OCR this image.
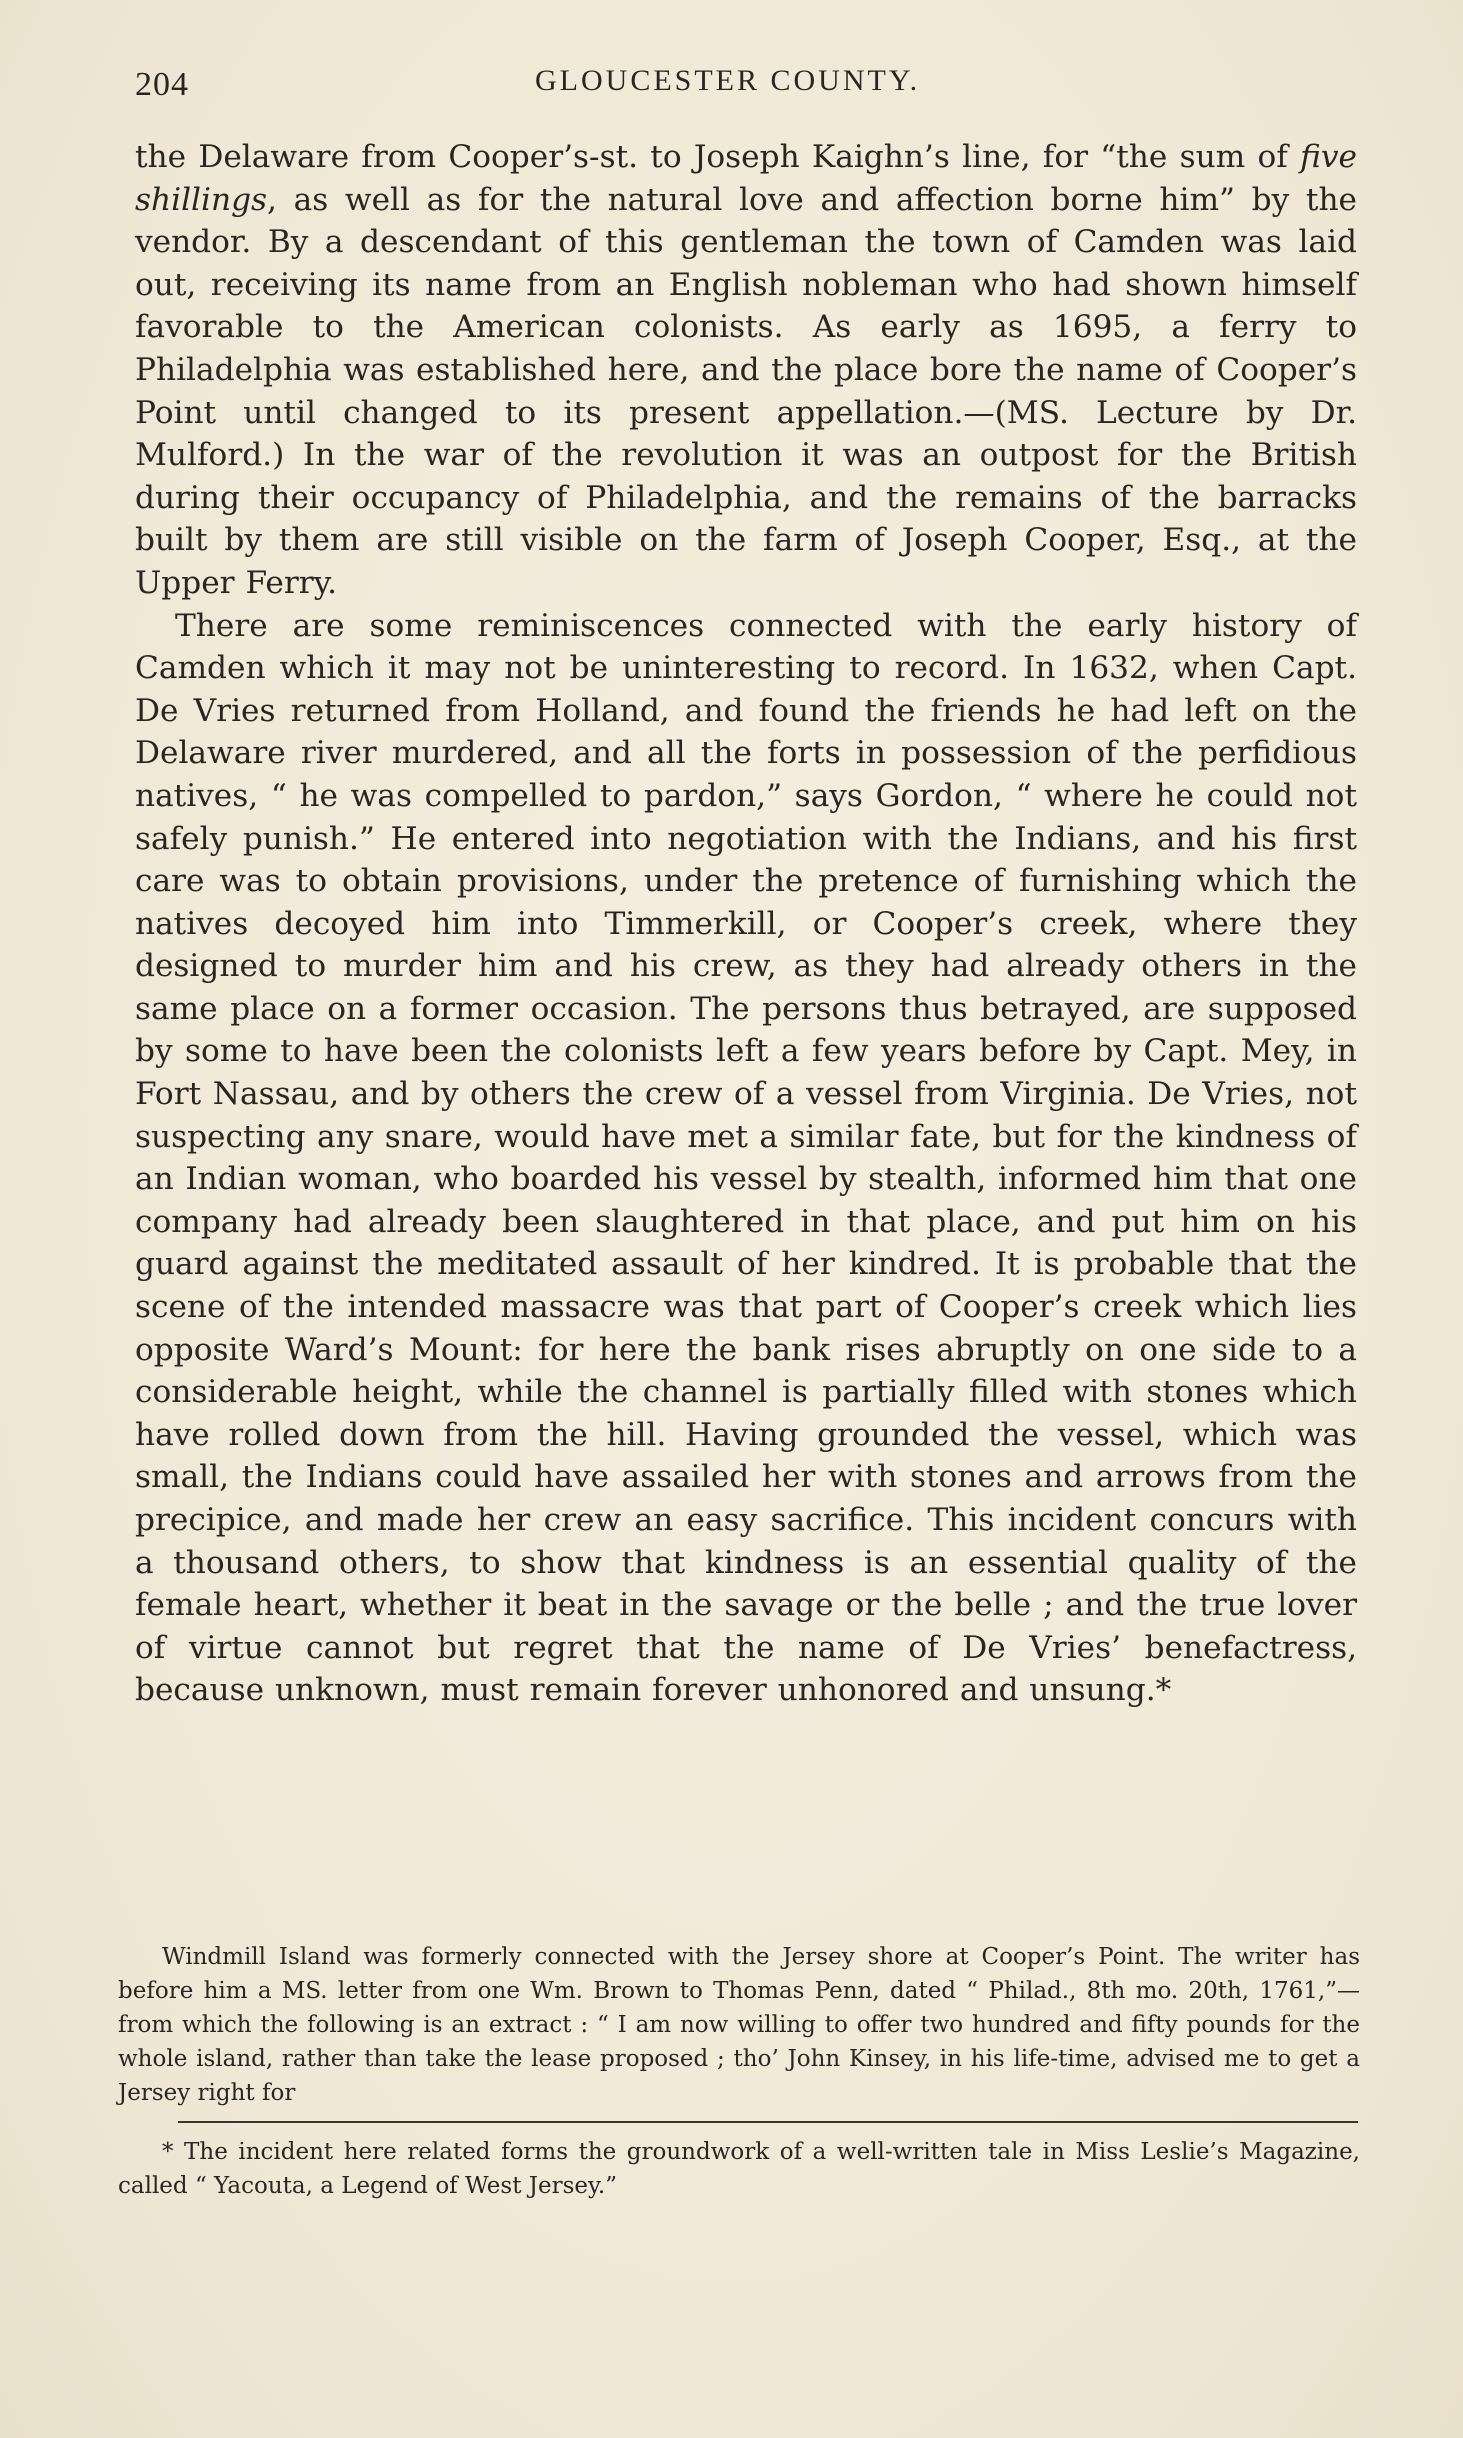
204	GLOUCESTER COUNTY.

the Delaware from Cooper’s-st. to Joseph Kaighn’s line, for “the sum of five shillings, as well as for the natural love and affection borne him” by the vendor. By a descendant of this gentleman the town of Camden was laid out, receiving its name from an English nobleman who had shown himself favorable to the American colonists. As early as 1695, a ferry to Philadelphia was established here, and the place bore the name of Cooper’s Point until changed to its present appellation.—(MS. Lecture by Dr. Mulford.) In the war of the revolution it was an outpost for the British during their occupancy of Philadelphia, and the remains of the barracks built by them are still visible on the farm of Joseph Cooper, Esq., at the Upper Ferry.

There are some reminiscences connected with the early history of Camden which it may not be uninteresting to record. In 1632, when Capt. De Vries returned from Holland, and found the friends he had left on the Delaware river murdered, and all the forts in possession of the perfidious natives, “ he was compelled to pardon,” says Gordon, “ where he could not safely punish.” He entered into negotiation with the Indians, and his first care was to obtain provisions, under the pretence of furnishing which the natives decoyed him into Timmerkill, or Cooper’s creek, where they designed to murder him and his crew, as they had already others in the same place on a former occasion. The persons thus betrayed, are supposed by some to have been the colonists left a few years before by Capt. Mey, in Fort Nassau, and by others the crew of a vessel from Virginia. De Vries, not suspecting any snare, would have met a similar fate, but for the kindness of an Indian woman, who boarded his vessel by stealth, informed him that one company had already been slaughtered in that place, and put him on his guard against the meditated assault of her kindred. It is probable that the scene of the intended massacre was that part of Cooper’s creek which lies opposite Ward’s Mount: for here the bank rises abruptly on one side to a considerable height, while the channel is partially filled with stones which have rolled down from the hill. Having grounded the vessel, which was small, the Indians could have assailed her with stones and arrows from the precipice, and made her crew an easy sacrifice. This incident concurs with a thousand others, to show that kindness is an essential quality of the female heart, whether it beat in the savage or the belle ; and the true lover of virtue cannot but regret that the name of De Vries’ benefactress, because unknown, must remain forever unhonored and unsung.*

Windmill Island was formerly connected with the Jersey shore at Cooper’s Point. The writer has before him a MS. letter from one Wm. Brown to Thomas Penn, dated “ Philad., 8th mo. 20th, 1761,”—from which the following is an extract : “ I am now willing to offer two hundred and fifty pounds for the whole island, rather than take the lease proposed ; tho’ John Kinsey, in his life-time, advised me to get a Jersey right for

* The incident here related forms the groundwork of a well-written tale in Miss Leslie’s Magazine, called “ Yacouta, a Legend of West Jersey.”
